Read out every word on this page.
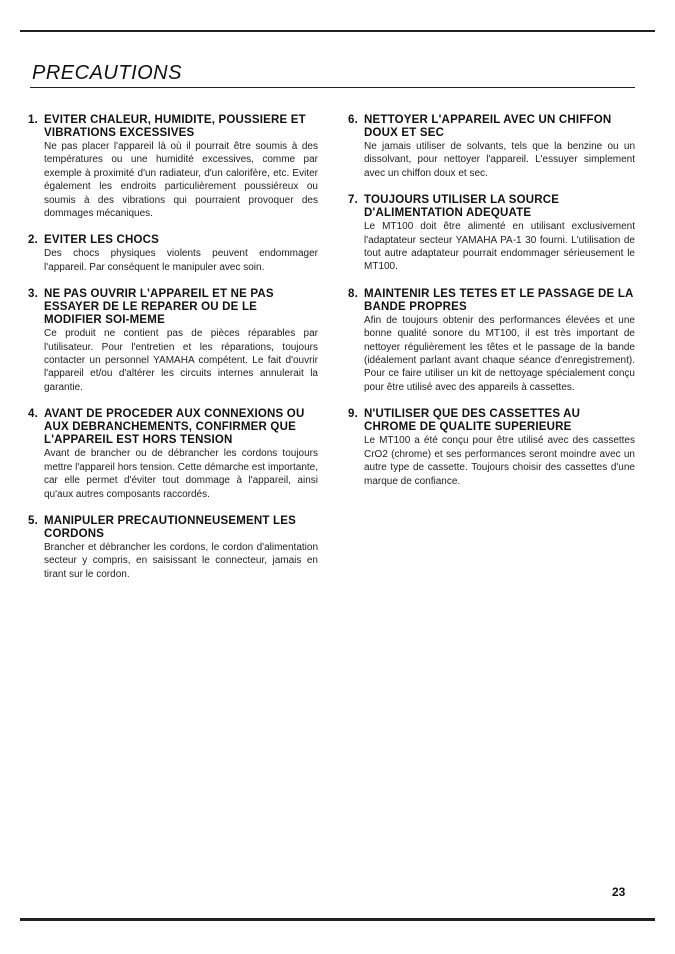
PRECAUTIONS
1. EVITER CHALEUR, HUMIDITE, POUSSIERE ET VIBRATIONS EXCESSIVES

Ne pas placer l'appareil là où il pourrait être soumis à des températures ou une humidité excessives, comme par exemple à proximité d'un radiateur, d'un calorifère, etc. Eviter également les endroits particulièrement poussiéreux ou soumis à des vibrations qui pourraient provoquer des dommages mécaniques.

2. EVITER LES CHOCS

Des chocs physiques violents peuvent endommager l'appareil. Par conséquent le manipuler avec soin.

3. NE PAS OUVRIR L'APPAREIL ET NE PAS ESSAYER DE LE REPARER OU DE LE MODIFIER SOI-MEME

Ce produit ne contient pas de pièces réparables par l'utilisateur. Pour l'entretien et les réparations, toujours contacter un personnel YAMAHA compétent. Le fait d'ouvrir l'appareil et/ou d'altérer les circuits internes annulerait la garantie.

4. AVANT DE PROCEDER AUX CONNEXIONS OU AUX DEBRANCHEMENTS, CONFIRMER QUE L'APPAREIL EST HORS TENSION

Avant de brancher ou de débrancher les cordons toujours mettre l'appareil hors tension. Cette démarche est importante, car elle permet d'éviter tout dommage à l'appareil, ainsi qu'aux autres composants raccordés.

5. MANIPULER PRECAUTIONNEUSEMENT LES CORDONS

Brancher et débrancher les cordons, le cordon d'alimentation secteur y compris, en saisissant le connecteur, jamais en tirant sur le cordon.

6. NETTOYER L'APPAREIL AVEC UN CHIFFON DOUX ET SEC

Ne jamais utiliser de solvants, tels que la benzine ou un dissolvant, pour nettoyer l'appareil. L'essuyer simplement avec un chiffon doux et sec.

7. TOUJOURS UTILISER LA SOURCE D'ALIMENTATION ADEQUATE

Le MT100 doit être alimenté en utilisant exclusivement l'adaptateur secteur YAMAHA PA-1 30 fourni. L'utilisation de tout autre adaptateur pourrait endommager sérieusement le MT100.

8. MAINTENIR LES TETES ET LE PASSAGE DE LA BANDE PROPRES

Afin de toujours obtenir des performances élevées et une bonne qualité sonore du MT100, il est très important de nettoyer régulièrement les têtes et le passage de la bande (idéalement parlant avant chaque séance d'enregistrement). Pour ce faire utiliser un kit de nettoyage spécialement conçu pour être utilisé avec des appareils à cassettes.

9. N'UTILISER QUE DES CASSETTES AU CHROME DE QUALITE SUPERIEURE

Le MT100 a été conçu pour être utilisé avec des cassettes CrO2 (chrome) et ses performances seront moindre avec un autre type de cassette. Toujours choisir des cassettes d'une marque de confiance.

23
